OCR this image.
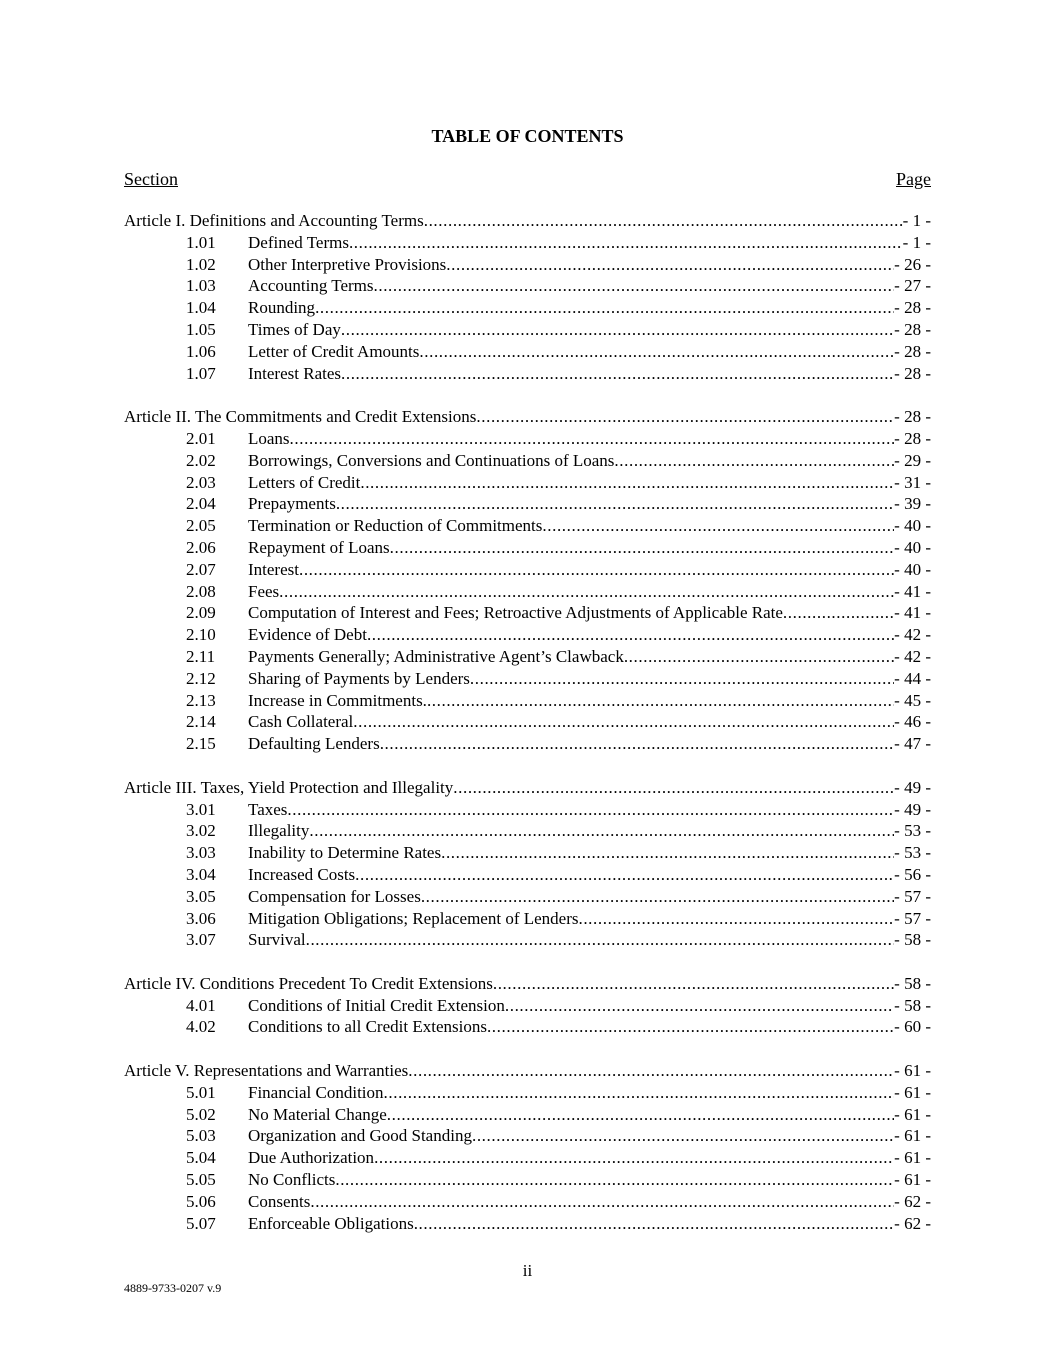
TABLE OF CONTENTS
Section	Page
Article I. Definitions and Accounting Terms .....	- 1 -
1.01	Defined Terms .....	- 1 -
1.02	Other Interpretive Provisions .....	- 26 -
1.03	Accounting Terms .....	- 27 -
1.04	Rounding .....	- 28 -
1.05	Times of Day .....	- 28 -
1.06	Letter of Credit Amounts .....	- 28 -
1.07	Interest Rates .....	- 28 -
Article II. The Commitments and Credit Extensions .....	- 28 -
2.01	Loans .....	- 28 -
2.02	Borrowings, Conversions and Continuations of Loans .....	- 29 -
2.03	Letters of Credit .....	- 31 -
2.04	Prepayments .....	- 39 -
2.05	Termination or Reduction of Commitments .....	- 40 -
2.06	Repayment of Loans .....	- 40 -
2.07	Interest .....	- 40 -
2.08	Fees .....	- 41 -
2.09	Computation of Interest and Fees; Retroactive Adjustments of Applicable Rate .....	- 41 -
2.10	Evidence of Debt .....	- 42 -
2.11	Payments Generally; Administrative Agent’s Clawback .....	- 42 -
2.12	Sharing of Payments by Lenders .....	- 44 -
2.13	Increase in Commitments. .....	- 45 -
2.14	Cash Collateral .....	- 46 -
2.15	Defaulting Lenders .....	- 47 -
Article III. Taxes, Yield Protection and Illegality .....	- 49 -
3.01	Taxes .....	- 49 -
3.02	Illegality .....	- 53 -
3.03	Inability to Determine Rates .....	- 53 -
3.04	Increased Costs .....	- 56 -
3.05	Compensation for Losses .....	- 57 -
3.06	Mitigation Obligations; Replacement of Lenders .....	- 57 -
3.07	Survival .....	- 58 -
Article IV. Conditions Precedent To Credit Extensions .....	- 58 -
4.01	Conditions of Initial Credit Extension .....	- 58 -
4.02	Conditions to all Credit Extensions .....	- 60 -
Article V. Representations and Warranties .....	- 61 -
5.01	Financial Condition .....	- 61 -
5.02	No Material Change .....	- 61 -
5.03	Organization and Good Standing .....	- 61 -
5.04	Due Authorization .....	- 61 -
5.05	No Conflicts .....	- 61 -
5.06	Consents .....	- 62 -
5.07	Enforceable Obligations .....	- 62 -
ii
4889-9733-0207 v.9
